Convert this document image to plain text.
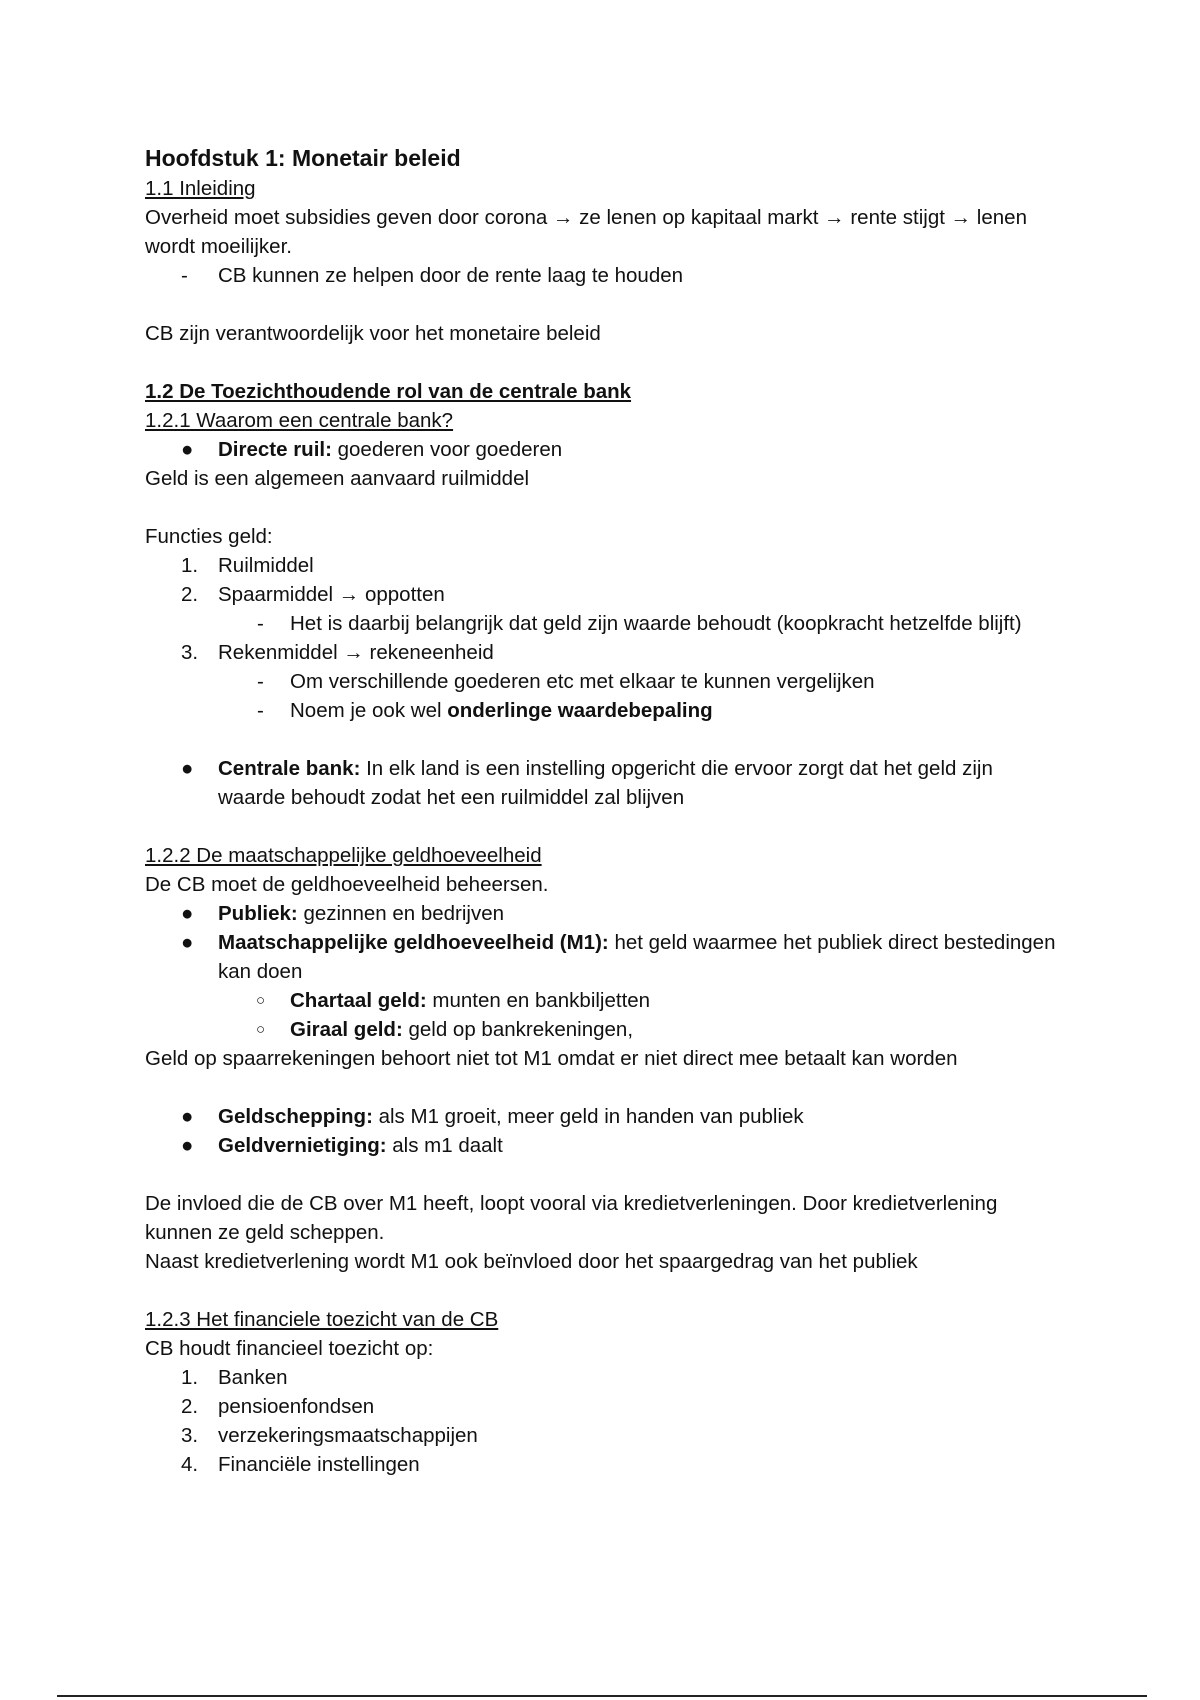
Hoofdstuk 1: Monetair beleid
1.1 Inleiding
Overheid moet subsidies geven door corona → ze lenen op kapitaal markt → rente stijgt → lenen wordt moeilijker.
-	CB kunnen ze helpen door de rente laag te houden
CB zijn verantwoordelijk voor het monetaire beleid
1.2 De Toezichthoudende rol van de centrale bank
1.2.1 Waarom een centrale bank?
●	Directe ruil: goederen voor goederen
Geld is een algemeen aanvaard ruilmiddel
Functies geld:
1. Ruilmiddel
2. Spaarmiddel → oppotten
-	Het is daarbij belangrijk dat geld zijn waarde behoudt (koopkracht hetzelfde blijft)
3. Rekenmiddel → rekeneenheid
-	Om verschillende goederen etc met elkaar te kunnen vergelijken
-	Noem je ook wel onderlinge waardebepaling
●	Centrale bank: In elk land is een instelling opgericht die ervoor zorgt dat het geld zijn waarde behoudt zodat het een ruilmiddel zal blijven
1.2.2 De maatschappelijke geldhoeveelheid
De CB moet de geldhoeveelheid beheersen.
●	Publiek: gezinnen en bedrijven
●	Maatschappelijke geldhoeveelheid (M1): het geld waarmee het publiek direct bestedingen kan doen
○	Chartaal geld: munten en bankbiljetten
○	Giraal geld: geld op bankrekeningen,
Geld op spaarrekeningen behoort niet tot M1 omdat er niet direct mee betaalt kan worden
●	Geldschepping: als M1 groeit, meer geld in handen van publiek
●	Geldvernietiging: als m1 daalt
De invloed die de CB over M1 heeft, loopt vooral via kredietverleningen. Door kredietverlening kunnen ze geld scheppen.
Naast kredietverlening wordt M1 ook beïnvloed door het spaargedrag van het publiek
1.2.3 Het financiele toezicht van de CB
CB houdt financieel toezicht op:
1. Banken
2. pensioenfondsen
3. verzekeringsmaatschappijen
4. Financiële instellingen
